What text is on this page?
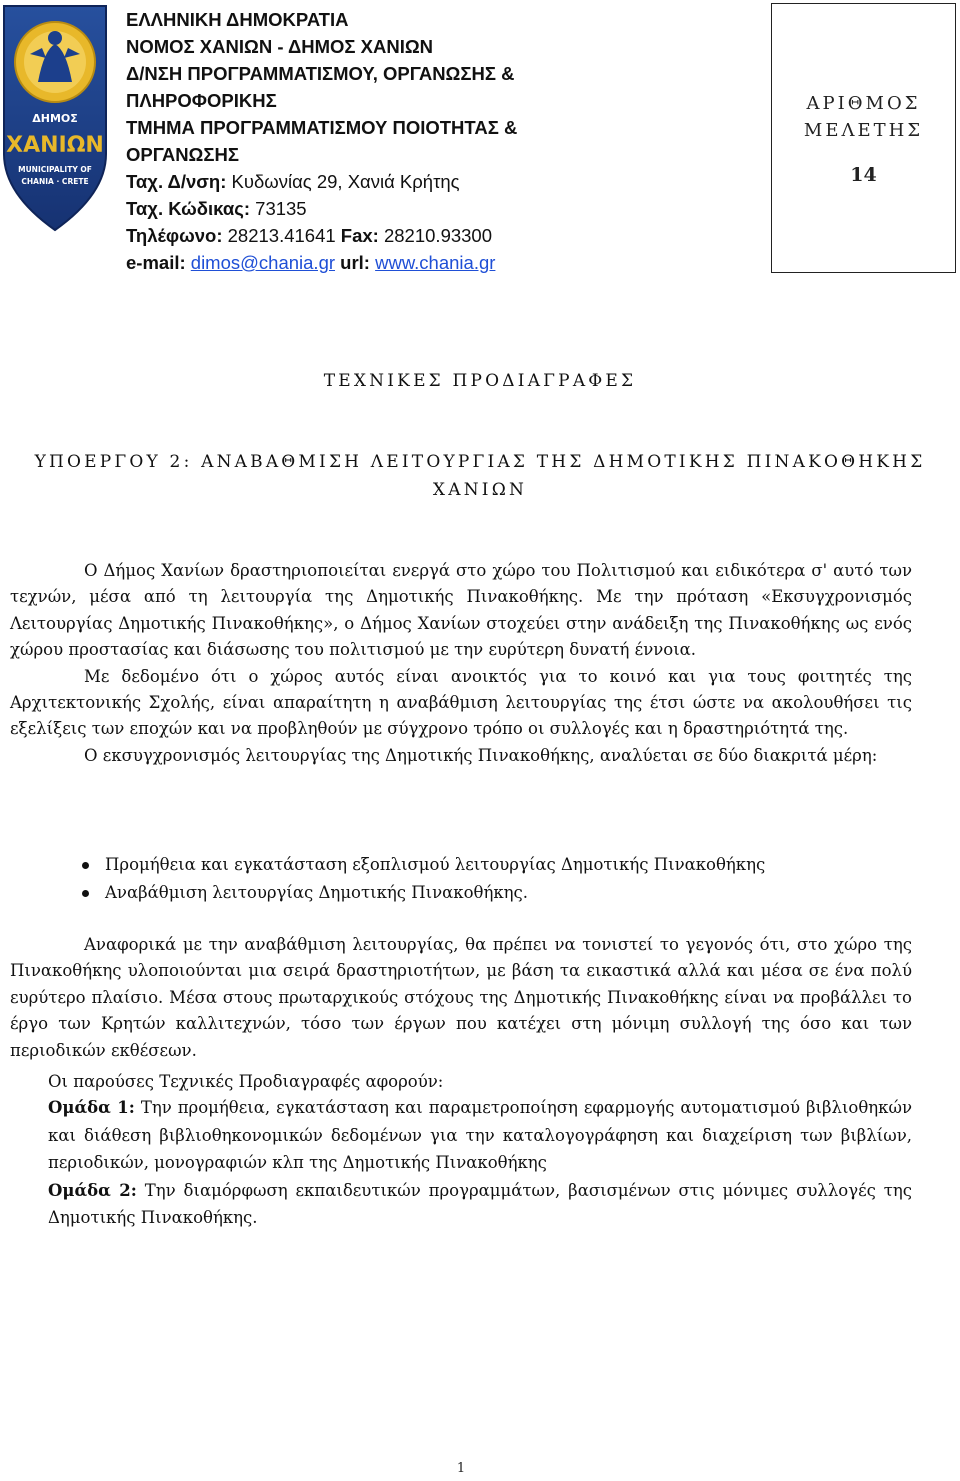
ΔΗΜΟΣ
ΧΑΝΙΩΝ
MUNICIPALITY OF
CHANIA · CRETE
ΕΛΛΗΝΙΚΗ ΔΗΜΟΚΡΑΤΙΑ
ΝΟΜΟΣ ΧΑΝΙΩΝ - ΔΗΜΟΣ ΧΑΝΙΩΝ
Δ/ΝΣΗ ΠΡΟΓΡΑΜΜΑΤΙΣΜΟΥ, ΟΡΓΑΝΩΣΗΣ &
ΠΛΗΡΟΦΟΡΙΚΗΣ
ΤΜΗΜΑ ΠΡΟΓΡΑΜΜΑΤΙΣΜΟΥ ΠΟΙΟΤΗΤΑΣ &
ΟΡΓΑΝΩΣΗΣ
Ταχ. Δ/νση: Κυδωνίας 29, Χανιά Κρήτης
Ταχ. Κώδικας: 73135
Τηλέφωνο: 28213.41641 Fax: 28210.93300
e-mail: dimos@chania.gr url: www.chania.gr
ΑΡΙΘΜΟΣ
ΜΕΛΕΤΗΣ
14
ΤΕΧΝΙΚΕΣ ΠΡΟΔΙΑΓΡΑΦΕΣ
ΥΠΟΕΡΓΟΥ 2: ΑΝΑΒΑΘΜΙΣΗ ΛΕΙΤΟΥΡΓΙΑΣ ΤΗΣ ΔΗΜΟΤΙΚΗΣ ΠΙΝΑΚΟΘΗΚΗΣ ΧΑΝΙΩΝ

Ο Δήμος Χανίων δραστηριοποιείται ενεργά στο χώρο του Πολιτισμού και ειδικότερα σ' αυτό των τεχνών, μέσα από τη λειτουργία της Δημοτικής Πινακοθήκης. Με την πρόταση «Εκσυγχρονισμός Λειτουργίας Δημοτικής Πινακοθήκης», ο Δήμος Χανίων στοχεύει στην ανάδειξη της Πινακοθήκης ως ενός χώρου προστασίας και διάσωσης του πολιτισμού με την ευρύτερη δυνατή έννοια.

Με δεδομένο ότι ο χώρος αυτός είναι ανοικτός για το κοινό και για τους φοιτητές της Αρχιτεκτονικής Σχολής, είναι απαραίτητη η αναβάθμιση λειτουργίας της έτσι ώστε να ακολουθήσει τις εξελίξεις των εποχών και να προβληθούν με σύγχρονο τρόπο οι συλλογές και η δραστηριότητά της.

Ο εκσυγχρονισμός λειτουργίας της Δημοτικής Πινακοθήκης, αναλύεται σε δύο διακριτά μέρη:

Προμήθεια και εγκατάσταση εξοπλισμού λειτουργίας Δημοτικής Πινακοθήκης
Αναβάθμιση λειτουργίας Δημοτικής Πινακοθήκης.

Αναφορικά με την αναβάθμιση λειτουργίας, θα πρέπει να τονιστεί το γεγονός ότι, στο χώρο της Πινακοθήκης υλοποιούνται μια σειρά δραστηριοτήτων, με βάση τα εικαστικά αλλά και μέσα σε ένα πολύ ευρύτερο πλαίσιο. Μέσα στους πρωταρχικούς στόχους της Δημοτικής Πινακοθήκης είναι να προβάλλει το έργο των Κρητών καλλιτεχνών, τόσο των έργων που κατέχει στη μόνιμη συλλογή της όσο και των περιοδικών εκθέσεων.

Οι παρούσες Τεχνικές Προδιαγραφές αφορούν:

Ομάδα 1: Την προμήθεια, εγκατάσταση και παραμετροποίηση εφαρμογής αυτοματισμού βιβλιοθηκών και διάθεση βιβλιοθηκονομικών δεδομένων για την καταλογογράφηση και διαχείριση των βιβλίων, περιοδικών, μονογραφιών κλπ της Δημοτικής Πινακοθήκης

Ομάδα 2: Την διαμόρφωση εκπαιδευτικών προγραμμάτων, βασισμένων στις μόνιμες συλλογές της Δημοτικής Πινακοθήκης.

1
